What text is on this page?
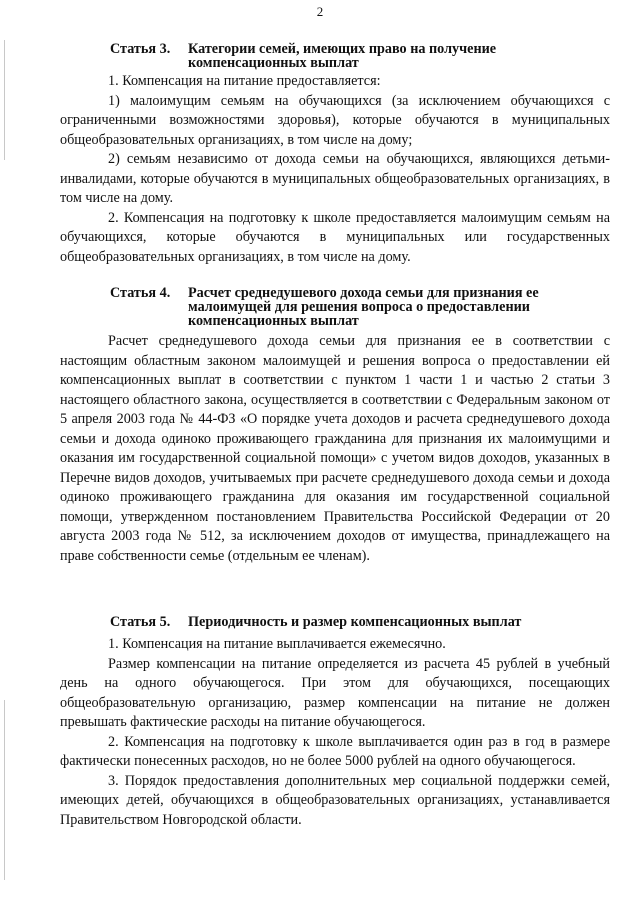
2
Статья 3.	Категории семей, имеющих право на получение компенсационных выплат

1. Компенсация на питание предоставляется:

1) малоимущим семьям на обучающихся (за исключением обучающихся с ограниченными возможностями здоровья), которые обучаются в муниципальных общеобразовательных организациях, в том числе на дому;

2) семьям независимо от дохода семьи на обучающихся, являющихся детьми-инвалидами, которые обучаются в муниципальных общеобразовательных организациях, в том числе на дому.

2. Компенсация на подготовку к школе предоставляется малоимущим семьям на обучающихся, которые обучаются в муниципальных или государственных общеобразовательных организациях, в том числе на дому.

Статья 4.	Расчет среднедушевого дохода семьи для признания ее малоимущей для решения вопроса о предоставлении компенсационных выплат

Расчет среднедушевого дохода семьи для признания ее в соответствии с настоящим областным законом малоимущей и решения вопроса о предоставлении ей компенсационных выплат в соответствии с пунктом 1 части 1 и частью 2 статьи 3 настоящего областного закона, осуществляется в соответствии с Федеральным законом от 5 апреля 2003 года № 44-ФЗ «О порядке учета доходов и расчета среднедушевого дохода семьи и дохода одиноко проживающего гражданина для признания их малоимущими и оказания им государственной социальной помощи» с учетом видов доходов, указанных в Перечне видов доходов, учитываемых при расчете среднедушевого дохода семьи и дохода одиноко проживающего гражданина для оказания им государственной социальной помощи, утвержденном постановлением Правительства Российской Федерации от 20 августа 2003 года № 512, за исключением доходов от имущества, принадлежащего на праве собственности семье (отдельным ее членам).

Статья 5.	Периодичность и размер компенсационных выплат

1. Компенсация на питание выплачивается ежемесячно.

Размер компенсации на питание определяется из расчета 45 рублей в учебный день на одного обучающегося. При этом для обучающихся, посещающих общеобразовательную организацию, размер компенсации на питание не должен превышать фактические расходы на питание обучающегося.

2. Компенсация на подготовку к школе выплачивается один раз в год в размере фактически понесенных расходов, но не более 5000 рублей на одного обучающегося.

3. Порядок предоставления дополнительных мер социальной поддержки семей, имеющих детей, обучающихся в общеобразовательных организациях, устанавливается Правительством Новгородской области.
